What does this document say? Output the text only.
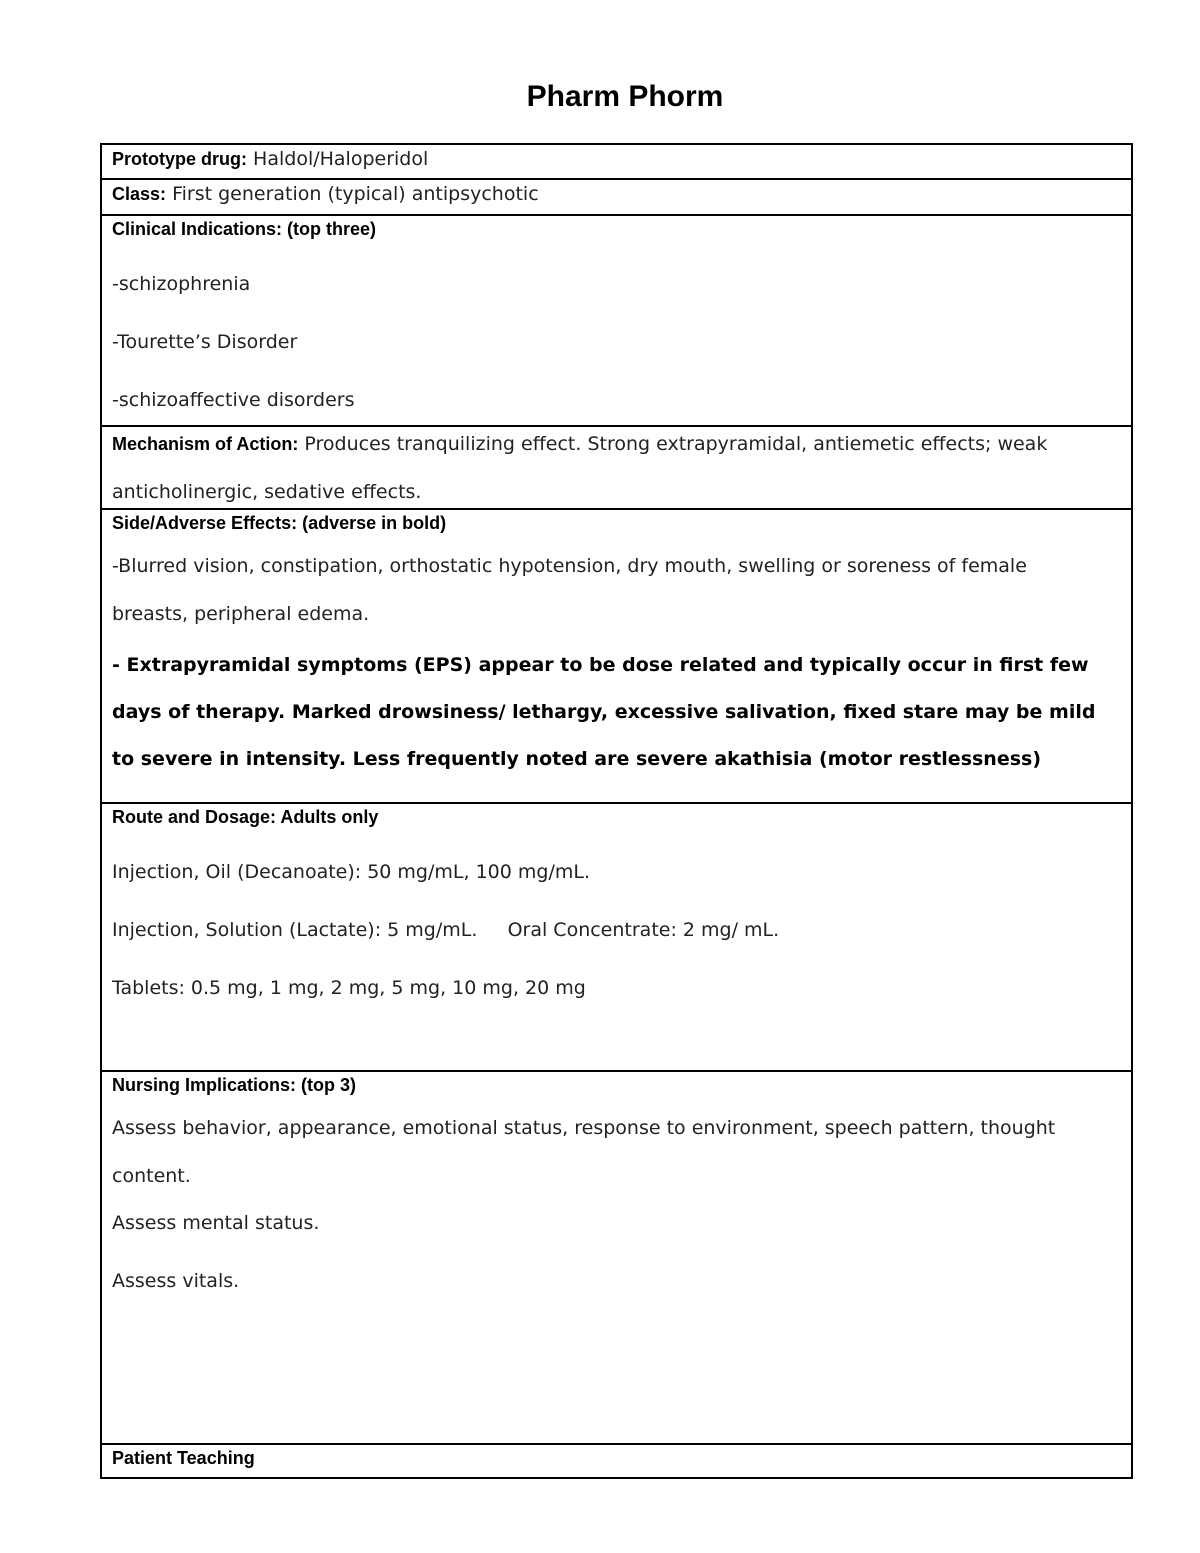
Pharm Phorm
Prototype drug: Haldol/Haloperidol
Class: First generation (typical) antipsychotic
Clinical Indications: (top three)
-schizophrenia
-Tourette’s Disorder
-schizoaffective disorders
Mechanism of Action: Produces tranquilizing effect. Strong extrapyramidal, antiemetic effects; weak anticholinergic, sedative effects.
Side/Adverse Effects: (adverse in bold)
-Blurred vision, constipation, orthostatic hypotension, dry mouth, swelling or soreness of female breasts, peripheral edema.
- Extrapyramidal symptoms (EPS) appear to be dose related and typically occur in first few days of therapy. Marked drowsiness/ lethargy, excessive salivation, fixed stare may be mild to severe in intensity. Less frequently noted are severe akathisia (motor restlessness)
Route and Dosage: Adults only
Injection, Oil (Decanoate): 50 mg/mL, 100 mg/mL.
Injection, Solution (Lactate): 5 mg/mL.     Oral Concentrate: 2 mg/ mL.
Tablets: 0.5 mg, 1 mg, 2 mg, 5 mg, 10 mg, 20 mg
Nursing Implications: (top 3)
Assess behavior, appearance, emotional status, response to environment, speech pattern, thought content.
Assess mental status.
Assess vitals.
Patient Teaching
